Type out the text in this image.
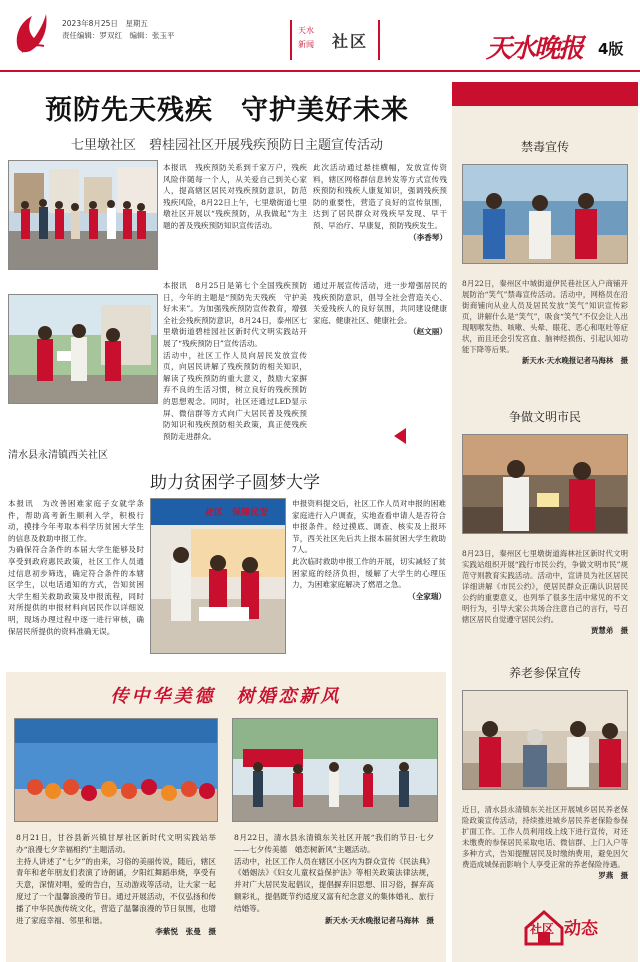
2023年8月25日　星期五
责任编辑：罗双红　编辑：张玉平
天水
新闻 社区	天水晚报 4版
预防先天残疾　守护美好未来
七里墩社区　碧桂园社区开展残疾预防日主题宣传活动

本报讯　残疾预防关系到千家万户，残疾风险伴随每一个人，从关爱自己到关心家人，提高辖区居民对残疾预防意识，防范残疾风险，8月22日上午，七里墩街道七里墩社区开展以“残疾预防，从我做起”为主题的普及残疾预防知识宣传活动。

此次活动通过悬挂横幅，发放宣传资料，辖区网格群信息转发等方式宣传残疾预防和残疾人康复知识，强调残疾预防的重要性，营造了良好的宣传氛围，达到了居民群众对残疾早发现、早干预、早治疗、早康复，预防残疾发生。

（李香琴）

本报讯　8月25日是第七个全国残疾预防日，今年的主题是“预防先天残疾　守护美好未来”。为加强残疾预防宣传教育，增强全社会残疾预防意识，8月24日，泰州区七里墩街道碧桂园社区新时代文明实践站开展了“残疾预防日”宣传活动。

活动中，社区工作人员向居民发放宣传页，向居民讲解了残疾预防的相关知识，解读了残疾预防的重大意义，鼓励大家摒弃不良的生活习惯，树立良好的残疾预防的思想观念。同时，社区还通过LED显示屏、微信群等方式向广大居民普及残疾预防知识和残疾预防相关政策，真正使残疾预防走进群众。

通过开展宣传活动，进一步增强居民的残疾预防意识，倡导全社会营造关心、关爱残疾人的良好氛围，共同建设健康家庭、健康社区、健康社会。

（赵文丽）

清水县永清镇西关社区
助力贫困学子圆梦大学

本报讯　为改善困难家庭子女就学条件，帮助高考新生顺利入学，积极行动，摸排今年考取本科学历贫困大学生的信息及救助申报工作。

为确保符合条件的本届大学生能够及时享受到政府惠民政策，社区工作人员通过信息初步筛选，确定符合条件的本辖区学生，以电话通知的方式，告知贫困大学生相关救助政策及申报流程，同时对所提供的申报材料向居民作以详细说明，现场办理过程中逐一进行审核，确保居民所提供的资料准确无误。

社区　保障民安

申报资料提交后，社区工作人员对申报的困难家庭进行入户调查，实地查看申请人是否符合申报条件。经过摸底、调查、核实及上报环节，西关社区先后共上报本届贫困大学生救助7人。

此次临时救助申报工作的开展，切实减轻了贫困家庭的经济负担，缓解了大学生的心理压力，为困难家庭解决了燃眉之急。

（全家瑞）

传中华美德　树婚恋新风

8月21日，甘谷县新兴镇甘厚社区新时代文明实践站举办“浪漫七夕幸福相约”主题活动。

主持人讲述了“七夕”的由来，习俗的美丽传说，随后，辖区青年和老年朋友们表演了诗朗诵，夕阳红舞蹈串烧，享受有天意，深情对唱，爱的告白，互动游戏等活动，让大家一起度过了一个温馨浪漫的节日。通过开展活动，不仅弘扬和传播了中华民族传统文化，营造了温馨浪漫的节日氛围，也增进了家庭幸福、邻里和谐。

李紫悦　张曼　摄

8月22日，清水县永清镇东关社区开展“我们的节日·七夕——七夕传美德　婚恋树新风”主题活动。

活动中，社区工作人员在辖区小区内为群众宣传《民法典》《婚姻法》《妇女儿童权益保护法》等相关政策法律法规，并对广大居民发起倡议，提倡摒弃旧思想、旧习俗，摒弃高额彩礼，提倡既节约适度又富有纪念意义的集体婚礼、旅行结婚等。

新天水·天水晚报记者马海林　摄

禁毒宣传

8月22日，秦州区中城街道伊民巷社区入户商铺开展防治“笑气”禁毒宣传活动。活动中，网格员在沿街商铺向从业人员及居民发放“笑气”知识宣传彩页，讲解什么是“笑气”，吸食“笑气”不仅会让人出现咽喉发热、咳嗽、头晕、眼花、恶心和呕吐等症状，而且还会引发宫血、脑神经损伤、引起认知功能下降等后果。

新天水·天水晚报记者马海林　摄

争做文明市民

8月23日，秦州区七里墩街道海林社区新时代文明实践站组织开展“践行市民公约，争做文明市民”规范守则教育实践活动。活动中，宣讲员为社区居民详细讲解《市民公约》，使居民群众正确认识居民公约的重要意义，也列举了很多生活中常见的不文明行为，引导大家公共场合注意自己的言行，号召辖区居民自觉遵守居民公约。

贾慧弟　摄

养老参保宣传

近日，清水县永清镇东关社区开展城乡居民养老保险政策宣传活动，持续推进城乡居民养老保险参保扩面工作。工作人员利用线上线下进行宣传，对还未缴费的参保居民采取电话、微信群、上门入户等多种方式，告知提醒居民及时缴纳费用，避免因欠费造成城保而影响个人享受正常的养老保险待遇。

罗燕　摄

社区 动态
